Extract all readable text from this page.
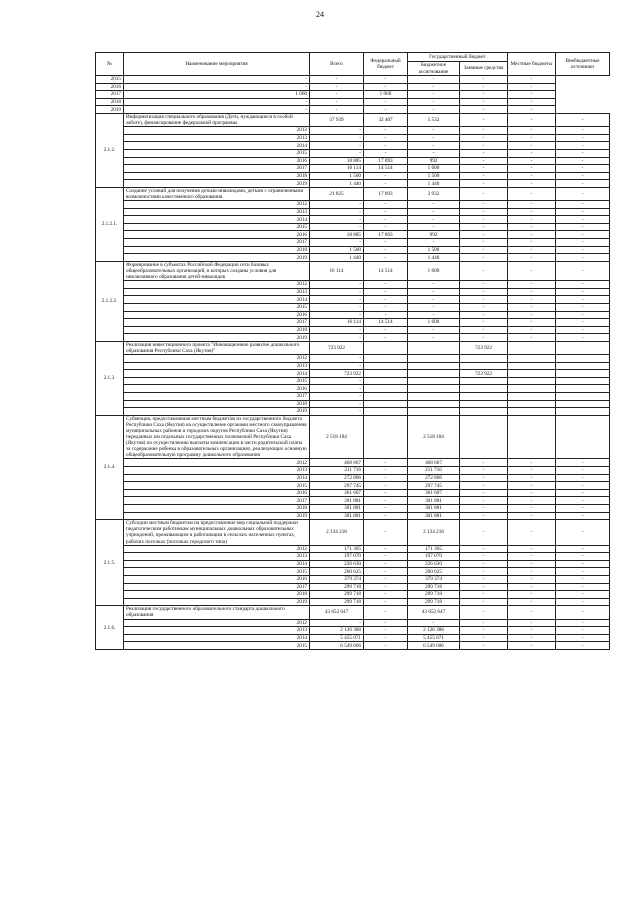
24
№	Наименование мероприятия	Всего	Федеральный бюджет	Государственный бюджет		Местные бюджеты	Внебюджетные источники
				Бюджетное ассигнование	Заемные средства		
2015	-	-	-	-	-	-	
2016	-	-	-	-	-	-	
2017	1 060	-	1 060	-	-	-	
2018	-	-	-	-	-	-	
2019	-	-	-	-	-	-	
2.1.2.	Информатизация специального образования (Дети, нуждающиеся в особой заботе), финансирование федеральной программы	37 939	32 407	5 532	-	-	-
	2012	-	-	-	-	-	-
	2013	-	-	-	-	-	-
	2014	-	-	-	-	-	-
	2015	-	-	-	-	-	-
	2016	18 885	17 893	992	-	-	-
	2017	16 114	14 514	1 600	-	-	-
	2018	1 500	-	1 500	-	-	-
	2019	1 440	-	1 440	-	-	-
2.1.2.1.	Создание условий для получения детьми-инвалидами, детьми с ограниченными возможностями качественного образования	21 825	17 893	3 932	-	-	-
	2012	-	-	-	-	-	-
	2013	-	-	-	-	-	-
	2014	-	-	-	-	-	-
	2015	-	-	-	-	-	-
	2016	18 885	17 893	992	-	-	-
	2017	-	-	-	-	-	-
	2018	1 500	-	1 500	-	-	-
	2019	1 440	-	1 440	-	-	-
2.1.2.2.	Формирование в субъектах Российской Федерации сети базовых общеобразовательных организаций, в которых созданы условия для инклюзивного образования детей-инвалидов	16 114	14 514	1 600	-	-	-
	2012	-	-	-	-	-	-
	2013	-	-	-	-	-	-
	2014	-	-	-	-	-	-
	2015	-	-	-	-	-	-
	2016	-	-	-	-	-	-
	2017	16 114	14 514	1 600	-	-	-
	2018	-	-	-	-	-	-
	2019	-	-	-	-	-	-
2.1.3.	Реализация инвестиционного проекта "Инновационное развитие дошкольного образования Республики Саха (Якутия)"	723 922			723 922		
	2012	-					
	2013	-					
	2014	723 922			723 922		
	2015	-					
	2016	-					
	2017	-					
	2018	-					
	2019	-					
2.1.4.	Субвенция, предоставляемая местным бюджетам из государственного бюджета Республики Саха (Якутия) на осуществление органами местного самоуправления муниципальных районов и городских округов Республики Саха (Якутия) переданных им отдельных государственных полномочий Республики Саха (Якутия) по осуществлению выплаты компенсации в части родительской платы за содержание ребенка в образовательных организациях, реализующих основную общеобразовательную программу дошкольного образования	2 518 184		2 518 184			
	2012	468 667	-	468 667	-	-	-
	2013	211 716	-	211 716	-	-	-
	2014	272 806	-	272 806	-	-	-
	2015	297 745	-	297 745	-	-	-
	2016	361 607	-	361 607	-	-	-
	2017	301 881	-	301 881	-	-	-
	2018	301 881	-	301 881	-	-	-
	2019	301 881	-	301 881	-	-	-
2.1.5.	Субсидии местным бюджетам на предоставление мер социальной поддержки педагогическим работникам муниципальных дошкольных образовательных учреждений, проживающим и работающим в сельских населенных пунктах, рабочих поселках (поселках городского типа)	2 134 218	-	2 134 218	-	-	-
	2012	171 365	-	171 365	-	-	-
	2013	197 070	-	197 070	-	-	-
	2014	226 630	-	226 630	-	-	-
	2015	260 625	-	260 625	-	-	-
	2016	379 374	-	379 374	-	-	-
	2017	299 718	-	299 718	-	-	-
	2018	299 718	-	299 718	-	-	-
	2019	299 718	-	299 718	-	-	-
2.1.6.	Реализация государственного образовательного стандарта дошкольного образования	43 652 647	-	43 652 647	-	-	-
	2012	-	-	-	-	-	-
	2013	2 126 388	-	2 126 388	-	-	-
	2014	5 455 071	-	5 455 071	-	-	-
	2015	6 549 606	-	6 549 606	-	-	-
